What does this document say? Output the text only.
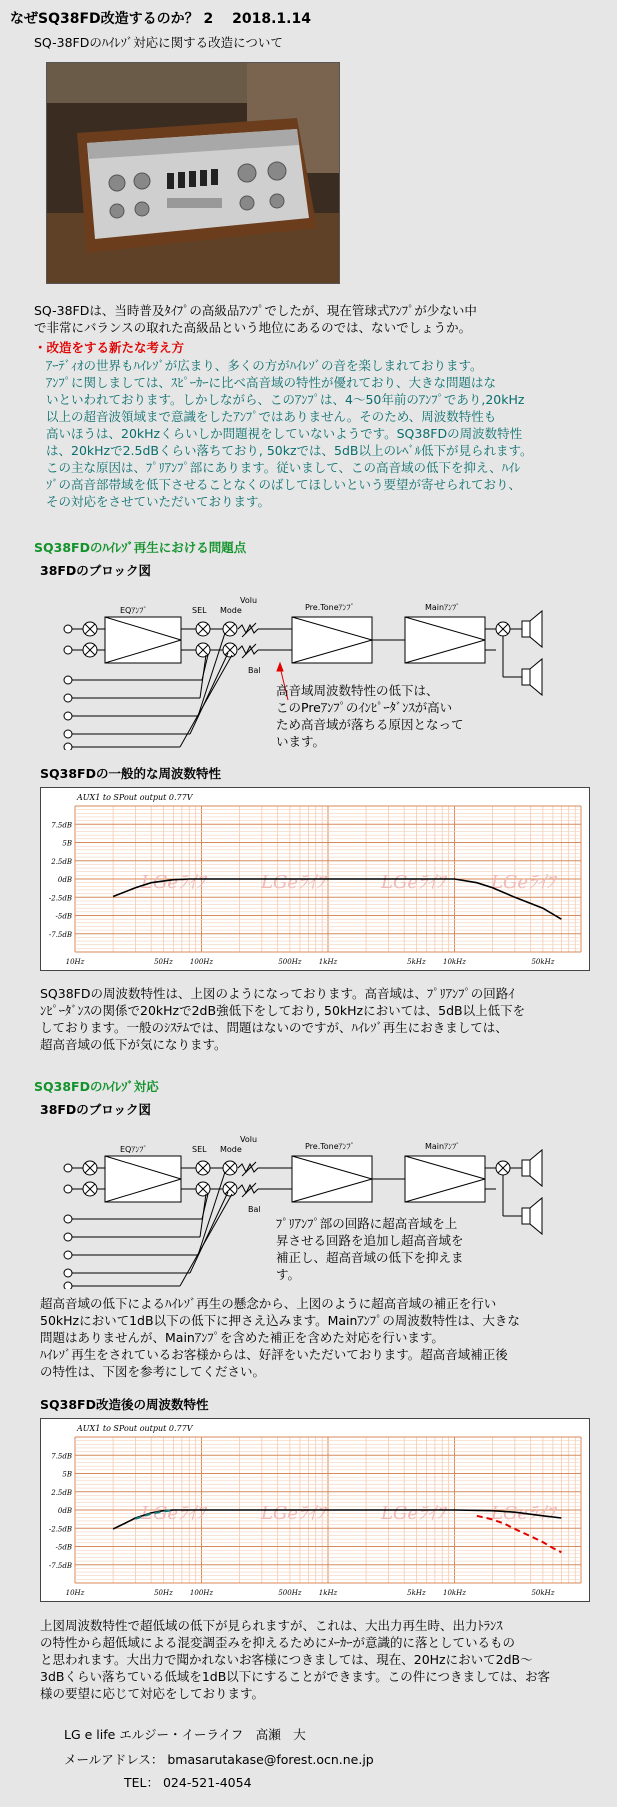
なぜSQ38FD改造するのか？ 2　 2018.1.14
SQ-38FDのﾊｲﾚｿﾞ対応に関する改造について
SQ-38FDは、当時普及ﾀｲﾌﾟの高級品ｱﾝﾌﾟでしたが、現在管球式ｱﾝﾌﾟが少ない中
で非常にバランスの取れた高級品という地位にあるのでは、ないでしょうか。
・改造をする新たな考え方
ｱｰﾃﾞｨｵの世界もﾊｲﾚｿﾞが広まり、多くの方がﾊｲﾚｿﾞの音を楽しまれております。
ｱﾝﾌﾟに関しましては、ｽﾋﾟｰｶｰに比べ高音域の特性が優れており、大きな問題はな
いといわれております。しかしながら、このｱﾝﾌﾟは、4～50年前のｱﾝﾌﾟであり,20kHz
以上の超音波領域まで意識をしたｱﾝﾌﾟではありません。そのため、周波数特性も
高いほうは、20kHzくらいしか問題視をしていないようです。SQ38FDの周波数特性
は、20kHzで2.5dBくらい落ちており, 50kzでは、5dB以上のﾚﾍﾞﾙ低下が見られます。
この主な原因は、ﾌﾟﾘｱﾝﾌﾟ部にあります。従いまして、この高音域の低下を抑え、ﾊｲﾚ
ｿﾞの高音部帯域を低下させることなくのばしてほしいという要望が寄せられており、
その対応をさせていただいております。
SQ38FDのﾊｲﾚｿﾞ再生における問題点
38FDのブロック図
EQｱﾝﾌﾟ	SEL Mode
Volu
Bal
Pre.Toneｱﾝﾌﾟ	Mainｱﾝﾌﾟ
高音域周波数特性の低下は、
このPreｱﾝﾌﾟのｲﾝﾋﾟｰﾀﾞﾝｽが高い
ため高音域が落ちる原因となって
います。
SQ38FDの一般的な周波数特性
LGeﾗｲﾌ	LGeﾗｲﾌ	LGeﾗｲﾌ	LGeﾗｲﾌ
AUX1 to SPout output 0.77V
7.5dB
5B
2.5dB
0dB
-2.5dB
-5dB
-7.5dB
10Hz	50Hz 100Hz	500Hz 1kHz	5kHz 10kHz	50kHz
SQ38FDの周波数特性は、上図のようになっております。高音域は、ﾌﾟﾘｱﾝﾌﾟの回路ｲ
ﾝﾋﾟｰﾀﾞﾝｽの関係で20kHzで2dB強低下をしており, 50kHzにおいては、5dB以上低下を
しております。一般のｼｽﾃﾑでは、問題はないのですが、ﾊｲﾚｿﾞ再生におきましては、
超高音域の低下が気になります。
SQ38FDのﾊｲﾚｿﾞ対応
38FDのブロック図
EQｱﾝﾌﾟ	SEL Mode
Volu
Bal
Pre.Toneｱﾝﾌﾟ	Mainｱﾝﾌﾟ
ﾌﾟﾘｱﾝﾌﾟ部の回路に超高音域を上
昇させる回路を追加し超高音域を
補正し、超高音域の低下を抑えま
す。
超高音域の低下によるﾊｲﾚｿﾞ再生の懸念から、上図のように超高音域の補正を行い
50kHzにおいて1dB以下の低下に押さえ込みます。Mainｱﾝﾌﾟの周波数特性は、大きな
問題はありませんが、Mainｱﾝﾌﾟを含めた補正を含めた対応を行います。
ﾊｲﾚｿﾞ再生をされているお客様からは、好評をいただいております。超高音域補正後
の特性は、下図を参考にしてください。
SQ38FD改造後の周波数特性
LGeﾗｲﾌ	LGeﾗｲﾌ	LGeﾗｲﾌ	LGeﾗｲﾌ
AUX1 to SPout output 0.77V
7.5dB
5B
2.5dB
0dB
-2.5dB
-5dB
-7.5dB
10Hz	50Hz 100Hz	500Hz 1kHz	5kHz 10kHz	50kHz
上図周波数特性で超低域の低下が見られますが、これは、大出力再生時、出力ﾄﾗﾝｽ
の特性から超低域による混変調歪みを抑えるためにﾒｰｶｰが意識的に落としているもの
と思われます。大出力で聞かれないお客様につきましては、現在、20Hzにおいて2dB～
3dBくらい落ちている低域を1dB以下にすることができます。この件につきましては、お客
様の要望に応じて対応をしております。
LG e life エルジー・イーライフ　高瀬　大
メールアドレス： bmasarutakase@forest.ocn.ne.jp
TEL： 024-521-4054
